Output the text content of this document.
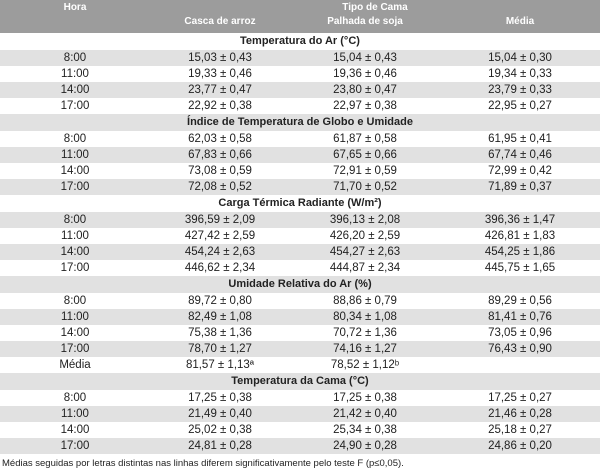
Hora	Tipo de Cama
Casca de arroz	Palhada de soja	Média
Temperatura do Ar (°C)
8:00	15,03 ± 0,43	15,04 ± 0,43	15,04 ± 0,30
11:00	19,33 ± 0,46	19,36 ± 0,46	19,34 ± 0,33
14:00	23,77 ± 0,47	23,80 ± 0,47	23,79 ± 0,33
17:00	22,92 ± 0,38	22,97 ± 0,38	22,95 ± 0,27
Índice de Temperatura de Globo e Umidade
8:00	62,03 ± 0,58	61,87 ± 0,58	61,95 ± 0,41
11:00	67,83 ± 0,66	67,65 ± 0,66	67,74 ± 0,46
14:00	73,08 ± 0,59	72,91 ± 0,59	72,99 ± 0,42
17:00	72,08 ± 0,52	71,70 ± 0,52	71,89 ± 0,37
Carga Térmica Radiante (W/m²)
8:00	396,59 ± 2,09	396,13 ± 2,08	396,36 ± 1,47
11:00	427,42 ± 2,59	426,20 ± 2,59	426,81 ± 1,83
14:00	454,24 ± 2,63	454,27 ± 2,63	454,25 ± 1,86
17:00	446,62 ± 2,34	444,87 ± 2,34	445,75 ± 1,65
Umidade Relativa do Ar (%)
8:00	89,72 ± 0,80	88,86 ± 0,79	89,29 ± 0,56
11:00	82,49 ± 1,08	80,34 ± 1,08	81,41 ± 0,76
14:00	75,38 ± 1,36	70,72 ± 1,36	73,05 ± 0,96
17:00	78,70 ± 1,27	74,16 ± 1,27	76,43 ± 0,90
Média	81,57 ± 1,13ª	78,52 ± 1,12ᵇ
Temperatura da Cama (°C)
8:00	17,25 ± 0,38	17,25 ± 0,38	17,25 ± 0,27
11:00	21,49 ± 0,40	21,42 ± 0,40	21,46 ± 0,28
14:00	25,02 ± 0,38	25,34 ± 0,38	25,18 ± 0,27
17:00	24,81 ± 0,28	24,90 ± 0,28	24,86 ± 0,20
Médias seguidas por letras distintas nas linhas diferem significativamente pelo teste F (p≤0,05).
